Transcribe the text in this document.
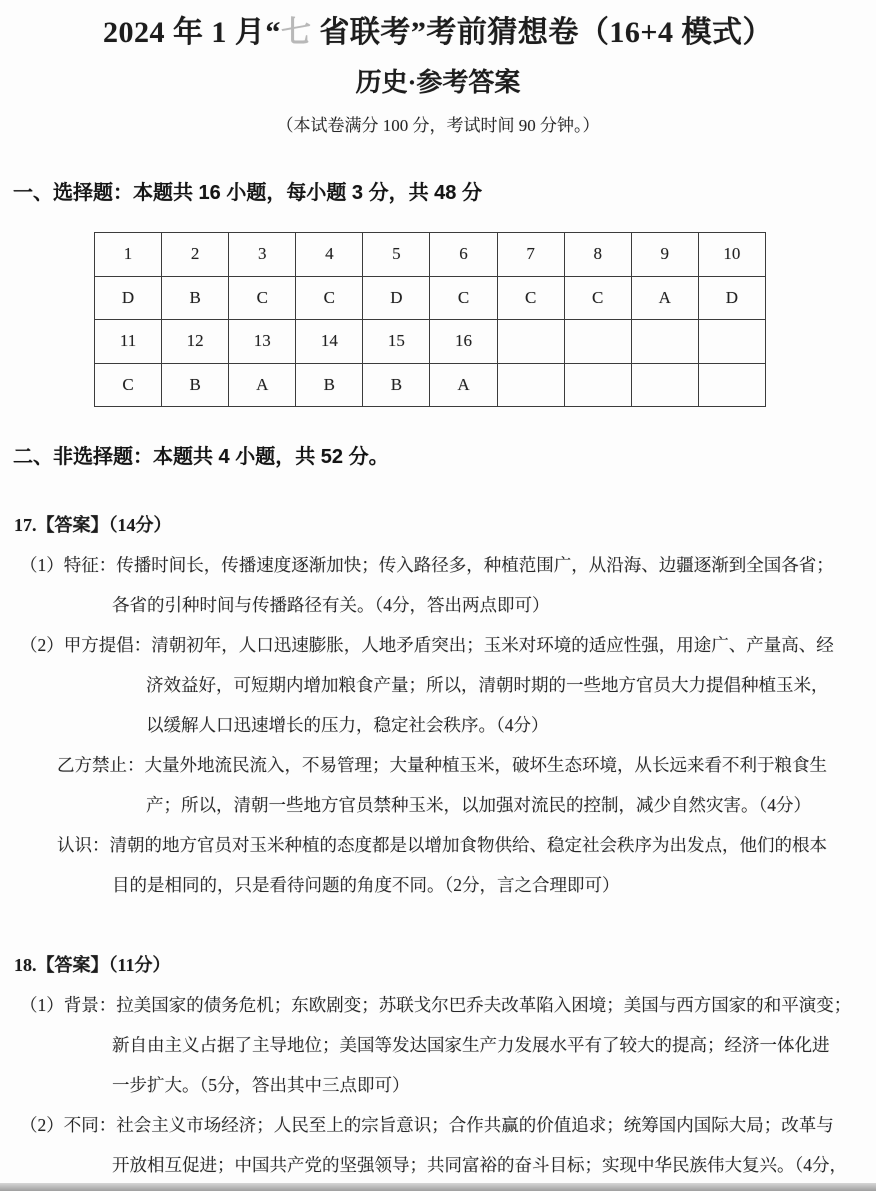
2024 年 1 月“七 省联考”考前猜想卷（16+4 模式）
历史·参考答案
（本试卷满分 100 分，考试时间 90 分钟。）
一、选择题：本题共 16 小题，每小题 3 分，共 48 分
1	2	3	4	5	6	7	8	9	10
D	B	C	C	D	C	C	C	A	D
11	12	13	14	15	16				
C	B	A	B	B	A				
二、非选择题：本题共 4 小题，共 52 分。
17.【答案】（14分）
（1）特征：传播时间长，传播速度逐渐加快；传入路径多，种植范围广，从沿海、边疆逐渐到全国各省；
各省的引种时间与传播路径有关。（4分，答出两点即可）
（2）甲方提倡：清朝初年，人口迅速膨胀，人地矛盾突出；玉米对环境的适应性强，用途广、产量高、经
济效益好，可短期内增加粮食产量；所以，清朝时期的一些地方官员大力提倡种植玉米，
以缓解人口迅速增长的压力，稳定社会秩序。（4分）
乙方禁止：大量外地流民流入，不易管理；大量种植玉米，破坏生态环境，从长远来看不利于粮食生
产；所以，清朝一些地方官员禁种玉米，以加强对流民的控制，减少自然灾害。（4分）
认识：清朝的地方官员对玉米种植的态度都是以增加食物供给、稳定社会秩序为出发点，他们的根本
目的是相同的，只是看待问题的角度不同。（2分，言之合理即可）
18.【答案】（11分）
（1）背景：拉美国家的债务危机；东欧剧变；苏联戈尔巴乔夫改革陷入困境；美国与西方国家的和平演变；
新自由主义占据了主导地位；美国等发达国家生产力发展水平有了较大的提高；经济一体化进
一步扩大。（5分，答出其中三点即可）
（2）不同：社会主义市场经济；人民至上的宗旨意识；合作共赢的价值追求；统筹国内国际大局；改革与
开放相互促进；中国共产党的坚强领导；共同富裕的奋斗目标；实现中华民族伟大复兴。（4分，
